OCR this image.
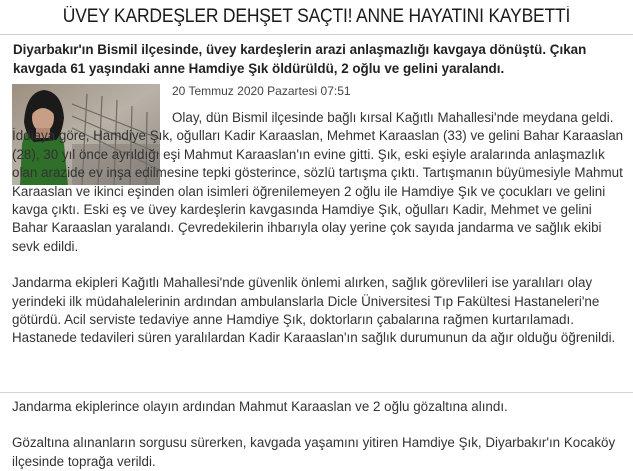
ÜVEY KARDEŞLER DEHŞET SAÇTI! ANNE HAYATINI KAYBETTİ
Diyarbakır'ın Bismil ilçesinde, üvey kardeşlerin arazi anlaşmazlığı kavgaya dönüştü. Çıkan kavgada 61 yaşındaki anne Hamdiye Şık öldürüldü, 2 oğlu ve gelini yaralandı.
20 Temmuz 2020 Pazartesi 07:51

Olay, dün Bismil ilçesinde bağlı kırsal Kağıtlı Mahallesi'nde meydana geldi. İddiaya göre, Hamdiye Şık, oğulları Kadir Karaaslan, Mehmet Karaaslan (33) ve gelini Bahar Karaaslan (28), 30 yıl önce ayrıldığı eşi Mahmut Karaaslan'ın evine gitti. Şık, eski eşiyle aralarında anlaşmazlık olan arazide ev inşa edilmesine tepki gösterince, sözlü tartışma çıktı. Tartışmanın büyümesiyle Mahmut Karaaslan ve ikinci eşinden olan isimleri öğrenilemeyen 2 oğlu ile Hamdiye Şık ve çocukları ve gelini kavga çıktı. Eski eş ve üvey kardeşlerin kavgasında Hamdiye Şık, oğulları Kadir, Mehmet ve gelini Bahar Karaaslan yaralandı. Çevredekilerin ihbarıyla olay yerine çok sayıda jandarma ve sağlık ekibi sevk edildi.

Jandarma ekipleri Kağıtlı Mahallesi'nde güvenlik önlemi alırken, sağlık görevlileri ise yaralıları olay yerindeki ilk müdahalelerinin ardından ambulanslarla Dicle Üniversitesi Tıp Fakültesi Hastaneleri'ne götürdü. Acil serviste tedaviye anne Hamdiye Şık, doktorların çabalarına rağmen kurtarılamadı. Hastanede tedavileri süren yaralılardan Kadir Karaaslan'ın sağlık durumunun da ağır olduğu öğrenildi.

Jandarma ekiplerince olayın ardından Mahmut Karaaslan ve 2 oğlu gözaltına alındı.

Gözaltına alınanların sorgusu sürerken, kavgada yaşamını yitiren Hamdiye Şık, Diyarbakır'ın Kocaköy ilçesinde toprağa verildi.
